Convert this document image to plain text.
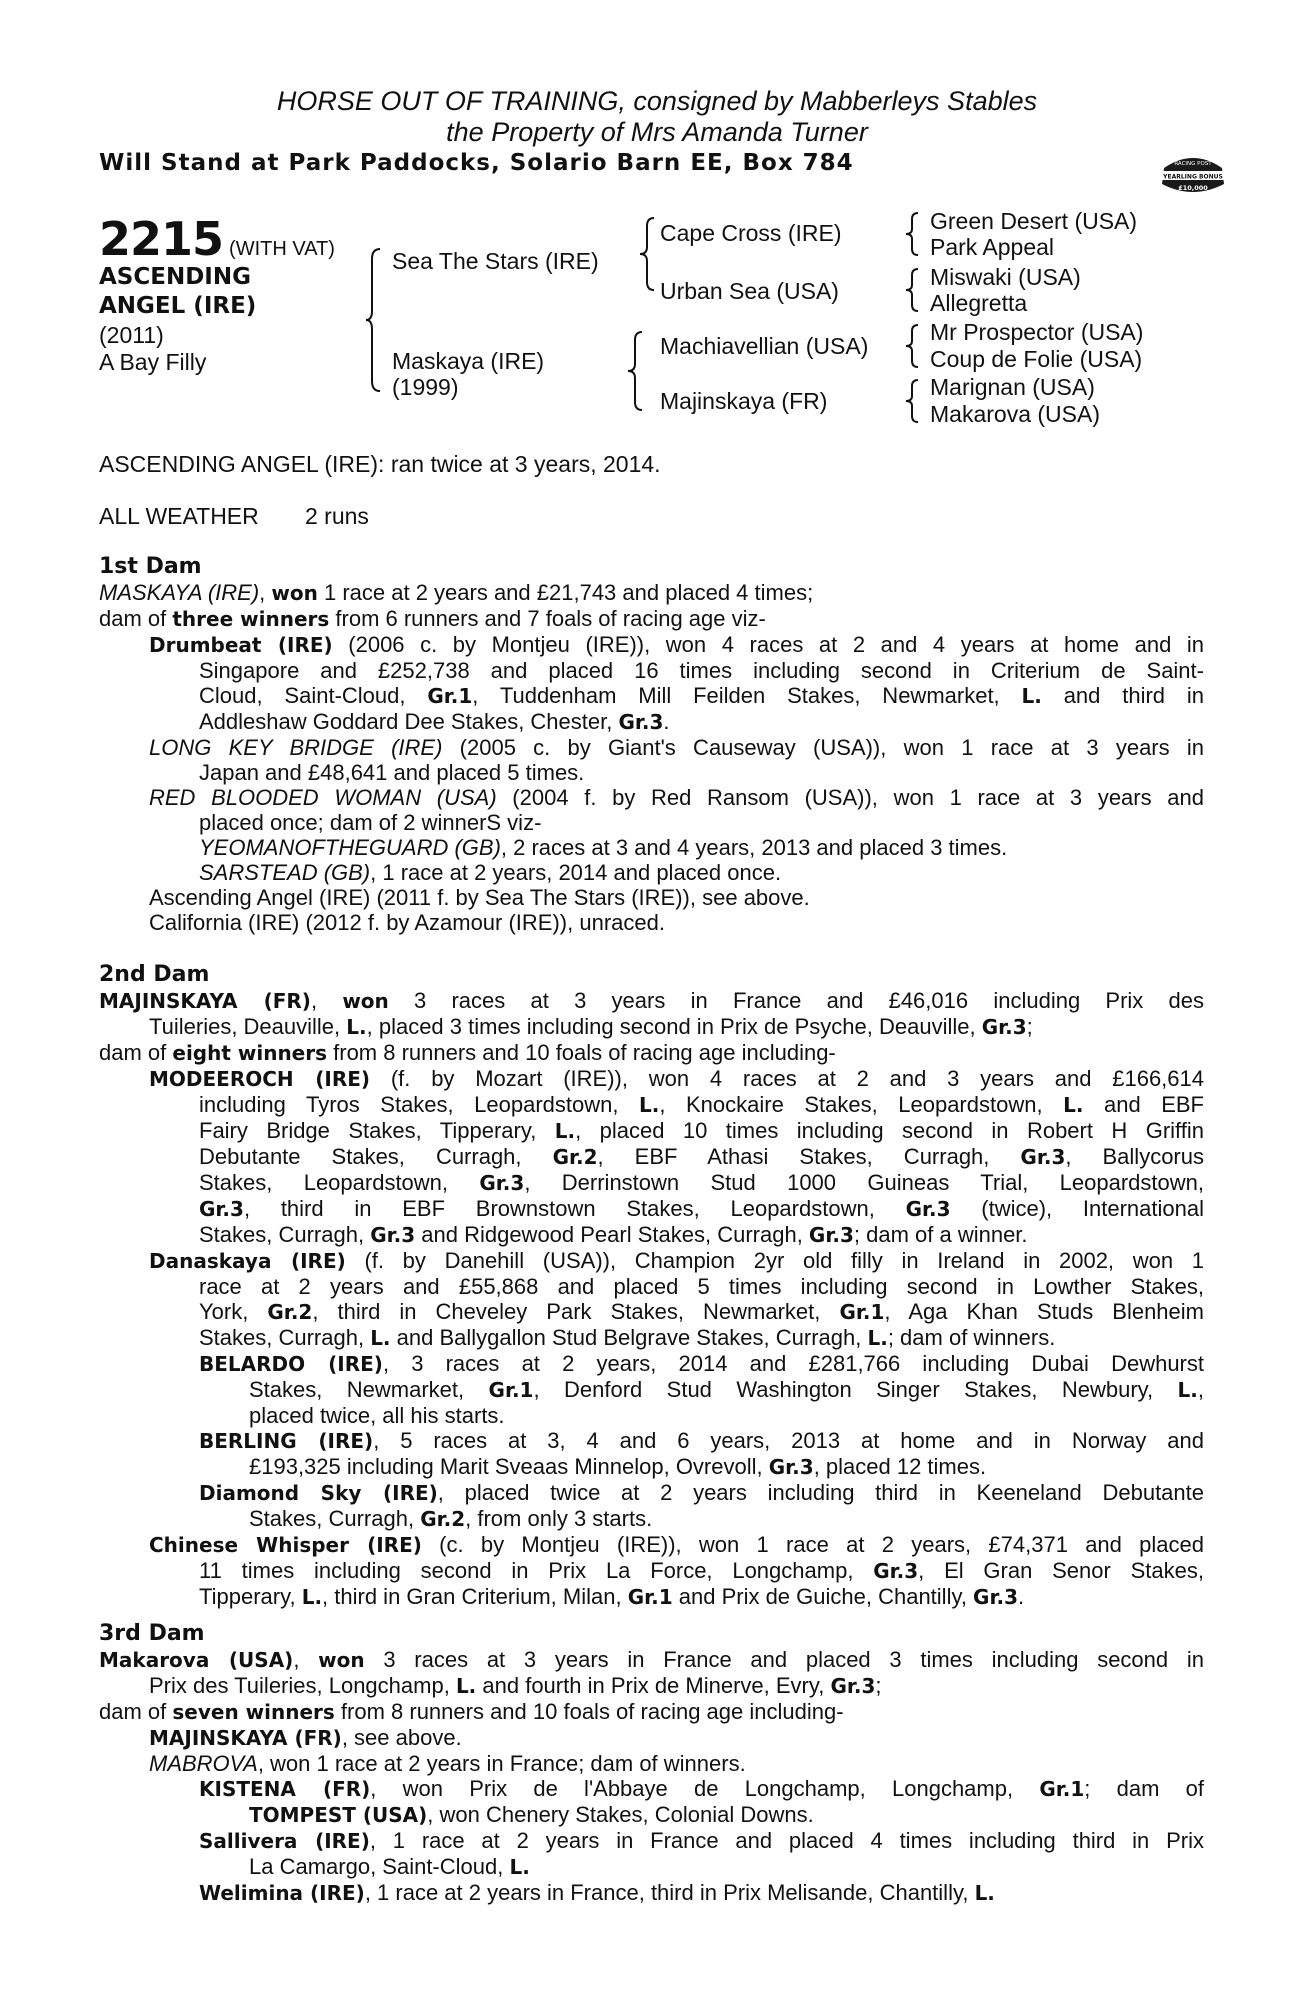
HORSE OUT OF TRAINING, consigned by Mabberleys Stables
the Property of Mrs Amanda Turner
Will Stand at Park Paddocks, Solario Barn EE, Box 784	RACING POST
YEARLING BONUS
£10,000
2215 (WITH VAT)
ASCENDING
ANGEL (IRE)
(2011)
A Bay Filly
Sea The Stars (IRE)
Maskaya (IRE)
(1999)
Cape Cross (IRE)
Urban Sea (USA)
Machiavellian (USA)
Majinskaya (FR)
Green Desert (USA)
Park Appeal
Miswaki (USA)
Allegretta
Mr Prospector (USA)
Coup de Folie (USA)
Marignan (USA)
Makarova (USA)
ASCENDING ANGEL (IRE): ran twice at 3 years, 2014.
ALL WEATHER 2 runs
1st Dam
MASKAYA (IRE), won 1 race at 2 years and £21,743 and placed 4 times;
dam of three winners from 6 runners and 7 foals of racing age viz-
Drumbeat (IRE) (2006 c. by Montjeu (IRE)), won 4 races at 2 and 4 years at home and in
Singapore and £252,738 and placed 16 times including second in Criterium de Saint-
Cloud, Saint-Cloud, Gr.1, Tuddenham Mill Feilden Stakes, Newmarket, L. and third in
Addleshaw Goddard Dee Stakes, Chester, Gr.3.
LONG KEY BRIDGE (IRE) (2005 c. by Giant's Causeway (USA)), won 1 race at 3 years in
Japan and £48,641 and placed 5 times.
RED BLOODED WOMAN (USA) (2004 f. by Red Ransom (USA)), won 1 race at 3 years and
placed once; dam of 2 winnerS viz-
YEOMANOFTHEGUARD (GB), 2 races at 3 and 4 years, 2013 and placed 3 times.
SARSTEAD (GB), 1 race at 2 years, 2014 and placed once.
Ascending Angel (IRE) (2011 f. by Sea The Stars (IRE)), see above.
California (IRE) (2012 f. by Azamour (IRE)), unraced.
2nd Dam
MAJINSKAYA (FR), won 3 races at 3 years in France and £46,016 including Prix des
Tuileries, Deauville, L., placed 3 times including second in Prix de Psyche, Deauville, Gr.3;
dam of eight winners from 8 runners and 10 foals of racing age including-
MODEEROCH (IRE) (f. by Mozart (IRE)), won 4 races at 2 and 3 years and £166,614
including Tyros Stakes, Leopardstown, L., Knockaire Stakes, Leopardstown, L. and EBF
Fairy Bridge Stakes, Tipperary, L., placed 10 times including second in Robert H Griffin
Debutante Stakes, Curragh, Gr.2, EBF Athasi Stakes, Curragh, Gr.3, Ballycorus
Stakes, Leopardstown, Gr.3, Derrinstown Stud 1000 Guineas Trial, Leopardstown,
Gr.3, third in EBF Brownstown Stakes, Leopardstown, Gr.3 (twice), International
Stakes, Curragh, Gr.3 and Ridgewood Pearl Stakes, Curragh, Gr.3; dam of a winner.
Danaskaya (IRE) (f. by Danehill (USA)), Champion 2yr old filly in Ireland in 2002, won 1
race at 2 years and £55,868 and placed 5 times including second in Lowther Stakes,
York, Gr.2, third in Cheveley Park Stakes, Newmarket, Gr.1, Aga Khan Studs Blenheim
Stakes, Curragh, L. and Ballygallon Stud Belgrave Stakes, Curragh, L.; dam of winners.
BELARDO (IRE), 3 races at 2 years, 2014 and £281,766 including Dubai Dewhurst
Stakes, Newmarket, Gr.1, Denford Stud Washington Singer Stakes, Newbury, L.,
placed twice, all his starts.
BERLING (IRE), 5 races at 3, 4 and 6 years, 2013 at home and in Norway and
£193,325 including Marit Sveaas Minnelop, Ovrevoll, Gr.3, placed 12 times.
Diamond Sky (IRE), placed twice at 2 years including third in Keeneland Debutante
Stakes, Curragh, Gr.2, from only 3 starts.
Chinese Whisper (IRE) (c. by Montjeu (IRE)), won 1 race at 2 years, £74,371 and placed
11 times including second in Prix La Force, Longchamp, Gr.3, El Gran Senor Stakes,
Tipperary, L., third in Gran Criterium, Milan, Gr.1 and Prix de Guiche, Chantilly, Gr.3.
3rd Dam
Makarova (USA), won 3 races at 3 years in France and placed 3 times including second in
Prix des Tuileries, Longchamp, L. and fourth in Prix de Minerve, Evry, Gr.3;
dam of seven winners from 8 runners and 10 foals of racing age including-
MAJINSKAYA (FR), see above.
MABROVA, won 1 race at 2 years in France; dam of winners.
KISTENA (FR), won Prix de l'Abbaye de Longchamp, Longchamp, Gr.1; dam of
TOMPEST (USA), won Chenery Stakes, Colonial Downs.
Sallivera (IRE), 1 race at 2 years in France and placed 4 times including third in Prix
La Camargo, Saint-Cloud, L.
Welimina (IRE), 1 race at 2 years in France, third in Prix Melisande, Chantilly, L.
